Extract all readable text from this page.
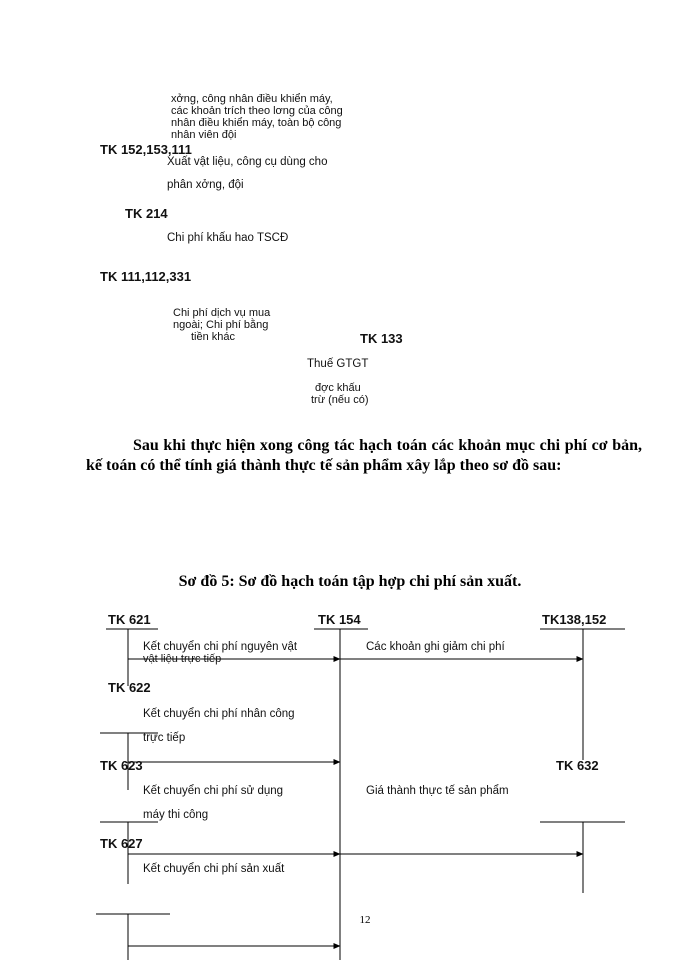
xởng, công nhân điều khiển máy,
các khoản trích theo lơng của công
nhân điều khiển máy, toàn bộ công
nhân viên đội
TK 152,153,111
Xuất vật liệu, công cụ dùng cho
phân xởng, đội
TK 214
Chi phí khấu hao TSCĐ
TK 111,112,331
Chi phí dịch vụ mua
ngoài; Chi phí bằng
tiền khác	TK 133
Thuế GTGT
đợc khấu
trừ (nếu có)
Sau khi thực hiện xong công tác hạch toán các khoản mục chi phí cơ bản, kế toán có thể tính giá thành thực tế sản phẩm xây lắp theo sơ đồ sau:
Sơ đồ 5: Sơ đồ hạch toán tập hợp chi phí sản xuất.
TK 621	TK 154	TK138,152
TK 622
TK 623	TK 632
TK 627
Kết chuyển chi phí nguyên vật
vật liệu trực tiếp
Các khoản ghi giảm chi phí
Kết chuyển chi phí nhân công
trực tiếp
Kết chuyển chi phí sử dụng
máy thi công
Giá thành thực tế sản phẩm
Kết chuyển chi phí sản xuất
12
